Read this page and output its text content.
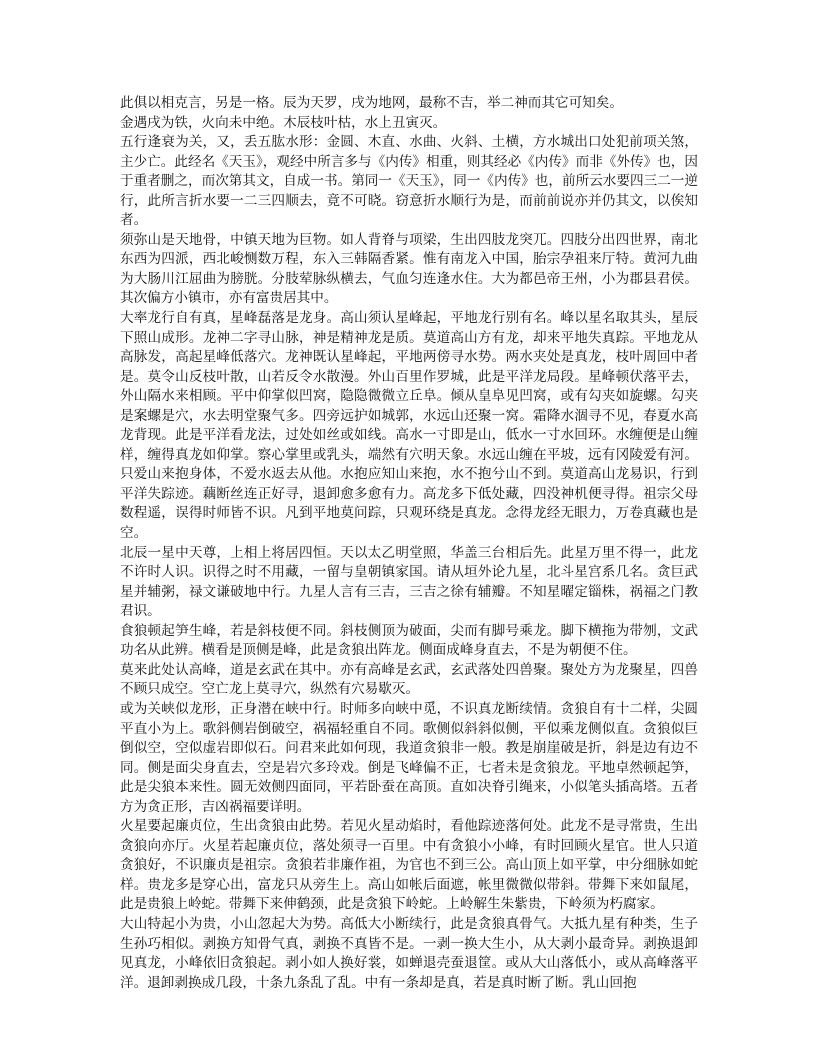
此俱以相克言，另是一格。辰为天罗，戌为地网，最称不吉，举二神而其它可知矣。

金遇戌为铁，火向未中绝。木辰枝叶枯，水上丑寅灭。

五行逢衰为关，又，丢五肱水形：金圆、木直、水曲、火斜、土横，方水城出口处犯前项关煞，主少亡。此经名《天玉》，观经中所言多与《内传》相重，则其经必《内传》而非《外传》也，因于重者删之，而次第其文，自成一书。第同一《天玉》，同一《内传》也，前所云水要四三二一逆行，此所言折水要一二三四顺去，竟不可晓。窃意折水顺行为是，而前前说亦并仍其文，以俟知者。

须弥山是天地骨，中镇天地为巨物。如人背脊与项梁，生出四肢龙突兀。四肢分出四世界，南北东西为四派，西北峻恻数万程，东入三韩隔香紧。惟有南龙入中国，胎宗孕祖来厅特。黄河九曲为大肠川江屈曲为膀胱。分肢荤脉纵横去，气血匀连逢水住。大为都邑帝王州，小为郡县君侯。其次偏方小镇市，亦有富贵居其中。

大率龙行自有真，星峰磊落是龙身。高山须认星峰起，平地龙行别有名。峰以星名取其头，星辰下照山成形。龙神二字寻山脉，神是精神龙是质。莫道高山方有龙，却来平地失真踪。平地龙从高脉发，高起星峰低落穴。龙神既认星峰起，平地两傍寻水势。两水夹处是真龙，枝叶周回中者是。莫令山反枝叶散，山若反令水散漫。外山百里作罗城，此是平洋龙局段。星峰顿伏落平去，外山隔水来相顾。平中仰掌似凹窝，隐隐微微立丘阜。倾从皇阜见凹窝，或有勾夹如旋螺。勾夹是案螺是穴，水去明堂聚气多。四旁远护如城郭，水远山还聚一窝。霜降水涸寻不见，春夏水高龙背现。此是平洋看龙法，过处如丝或如线。高水一寸即是山，低水一寸水回环。水缠便是山缠样，缠得真龙如仰掌。察心掌里或乳头，端然有穴明天象。水远山缠在平坡，远有冈陵爱有河。只爱山来抱身体，不爱水返去从他。水抱应知山来抱，水不抱兮山不到。莫道高山龙易识，行到平洋失踪迹。藕断丝连正好寻，退卸愈多愈有力。高龙多下低处藏，四没神机便寻得。祖宗父母数程遥，误得时师皆不识。凡到平地莫问踪，只观环绕是真龙。念得龙经无眼力，万卷真藏也是空。

北辰一星中天尊，上相上将居四恒。天以太乙明堂照，华盖三台相后先。此星万里不得一，此龙不许时人识。识得之时不用藏，一留与皇朝镇家国。请从垣外论九星，北斗星宫系几名。贪巨武星并辅粥，禄文谦破地中行。九星人言有三吉，三吉之徐有辅瓣。不知星曜定锱株，祸福之门教君识。

食狼顿起笋生峰，若是斜枝便不同。斜枝侧顶为破面，尖而有脚号乘龙。脚下横拖为带刎，文武功名从此辨。横看是顶侧是峰，此是贪狼出阵龙。侧面成峰身直去，不是为朝便不住。

莫来此处认高峰，道是玄武在其中。亦有高峰是玄武，玄武落处四兽聚。聚处方为龙聚星，四兽不顾只成空。空亡龙上莫寻穴，纵然有穴易歇灭。

或为关峡似龙形，正身潜在峡中行。时师多向峡中觅，不识真龙断续情。贪狼自有十二样，尖圆平直小为上。歌斜侧岩倒破空，祸福轻重自不同。歌侧似斜斜似侧，平似乘龙侧似直。贪狼似巨倒似空，空似虚岩即似石。问君来此如何现，我道贪狼非一般。教是崩崖破是折，斜是边有边不同。侧是面尖身直去，空是岩穴多玲戏。倒是飞峰偏不正，七者未是贪狼龙。平地卓然顿起笋，此是尖狼本来性。圆无效侧四面同，平若卧蚕在高顶。直如决脊引绳来，小似笔头插高塔。五者方为贪正形，吉凶祸福要详明。

火星要起廉贞位，生出贪狼由此势。若见火星动焰时，看他踪迹落何处。此龙不是寻常贵，生出贪狼向亦厅。火星若起廉贞位，落处须寻一百里。中有贪狼小小峰，有时回顾火星官。世人只道贪狼好，不识廉贞是祖宗。贪狼若非廉作祖，为官也不到三公。高山顶上如平掌，中分细脉如蛇样。贵龙多是穿心出，富龙只从旁生上。高山如帐后面遮，帐里微微似带斜。带舞下来如鼠尾，此是贵狼上岭蛇。带舞下来伸鹤颈，此是贪狼下岭蛇。上岭解生朱紫贵，下岭须为朽腐家。

大山特起小为贵，小山忽起大为势。高低大小断续行，此是贪狼真骨气。大抵九星有种类，生子生孙巧相似。剥换方知骨气真，剥换不真皆不是。一剥一换大生小，从大剥小最奇异。剥换退卸见真龙，小峰依旧贪狼起。剥小如人换好裳，如蝉退壳蚕退筐。或从大山落低小，或从高峰落平洋。退卸剥换成几段，十条九条乱了乱。中有一条却是真，若是真时断了断。乳山回抱
